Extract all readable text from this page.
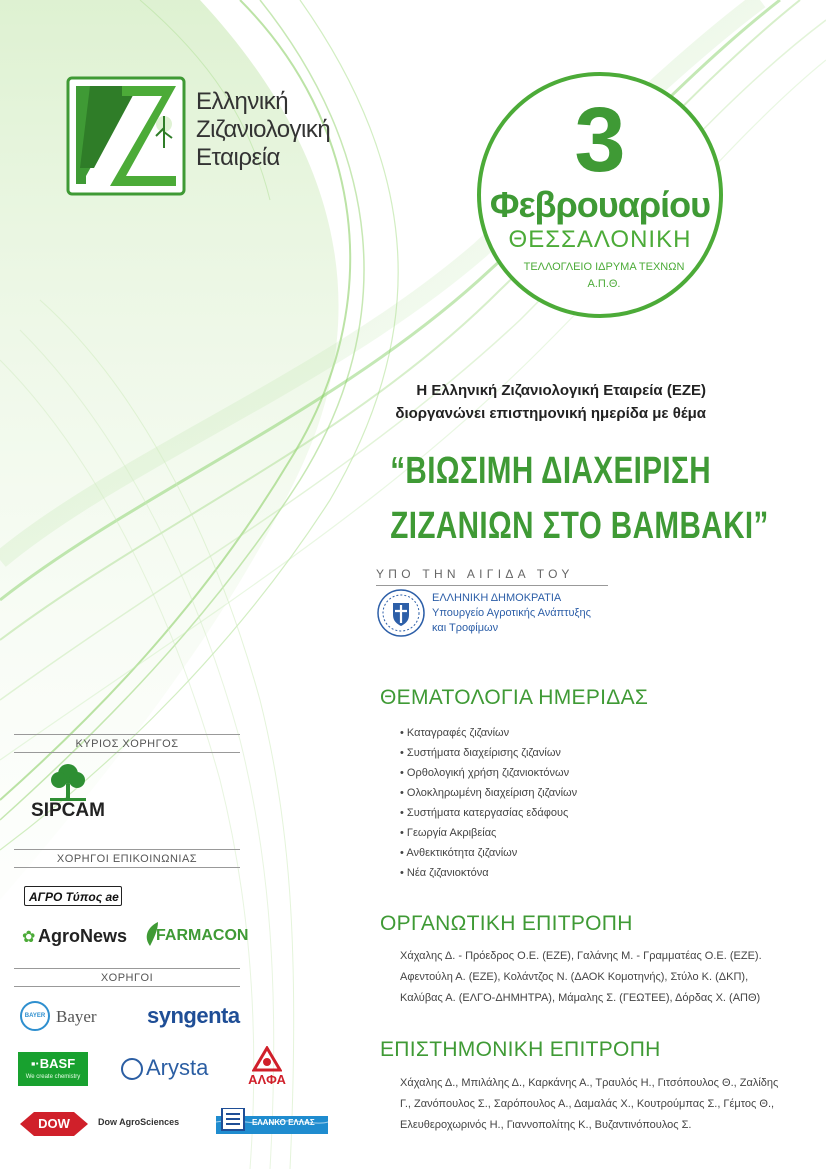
Ελληνική
Ζιζανιολογική
Εταιρεία	3
Φεβρουαρίου
ΘΕΣΣΑΛΟΝΙΚΗ
ΤΕΛΛΟΓΛΕΙΟ ΙΔΡΥΜΑ ΤΕΧΝΩΝ
Α.Π.Θ.
Η Ελληνική Ζιζανιολογική Εταιρεία (ΕΖΕ)
διοργανώνει επιστημονική ημερίδα με θέμα
“ΒΙΩΣΙΜΗ ΔΙΑΧΕΙΡΙΣΗ
ΖΙΖΑΝΙΩΝ ΣΤΟ ΒΑΜΒΑΚΙ”
ΥΠΟ ΤΗΝ ΑΙΓΙΔΑ ΤΟΥ
ΕΛΛΗΝΙΚΗ ΔΗΜΟΚΡΑΤΙΑ
Υπουργείο Αγροτικής Ανάπτυξης
και Τροφίμων
ΘΕΜΑΤΟΛΟΓΙΑ ΗΜΕΡΙΔΑΣ
• Καταγραφές ζιζανίων
• Συστήματα διαχείρισης ζιζανίων
• Ορθολογική χρήση ζιζανιοκτόνων
• Ολοκληρωμένη διαχείριση ζιζανίων
• Συστήματα κατεργασίας εδάφους
• Γεωργία Ακριβείας
• Ανθεκτικότητα ζιζανίων
• Νέα ζιζανιοκτόνα
ΟΡΓΑΝΩΤΙΚΗ ΕΠΙΤΡΟΠΗ
Χάχαλης Δ. - Πρόεδρος Ο.Ε. (ΕΖΕ), Γαλάνης Μ. - Γραμματέας Ο.Ε. (ΕΖΕ).
Αφεντούλη Α. (ΕΖΕ), Κολάντζος Ν. (ΔΑΟΚ Κομοτηνής), Στύλο Κ. (ΔΚΠ),
Καλύβας Α. (ΕΛΓΟ-ΔΗΜΗΤΡΑ), Μάμαλης Σ. (ΓΕΩΤΕΕ), Δόρδας Χ. (ΑΠΘ)
ΕΠΙΣΤΗΜΟΝΙΚΗ ΕΠΙΤΡΟΠΗ
Χάχαλης Δ., Μπιλάλης Δ., Καρκάνης Α., Τραυλός Η., Γιτσόπουλος Θ., Ζαλίδης
Γ., Ζανόπουλος Σ., Σαρόπουλος Α., Δαμαλάς Χ., Κουτρούμπας Σ., Γέμτος Θ.,
Ελευθεροχωρινός Η., Γιαννοπολίτης Κ., Βυζαντινόπουλος Σ.
ΚΥΡΙΟΣ ΧΟΡΗΓΟΣ
SIPCAM
ΧΟΡΗΓΟΙ ΕΠΙΚΟΙΝΩΝΙΑΣ
ΑΓΡΟ Τύπος ae
✿ AgroNews FARMACON
ΧΟΡΗΓΟΙ
BAYER Bayer syngenta
▪·BASF
We create chemistry	Arysta	ΑΛΦΑ
DOW	Dow AgroSciences	ΕΛΑΝΚΟ ΕΛΛΑΣ
